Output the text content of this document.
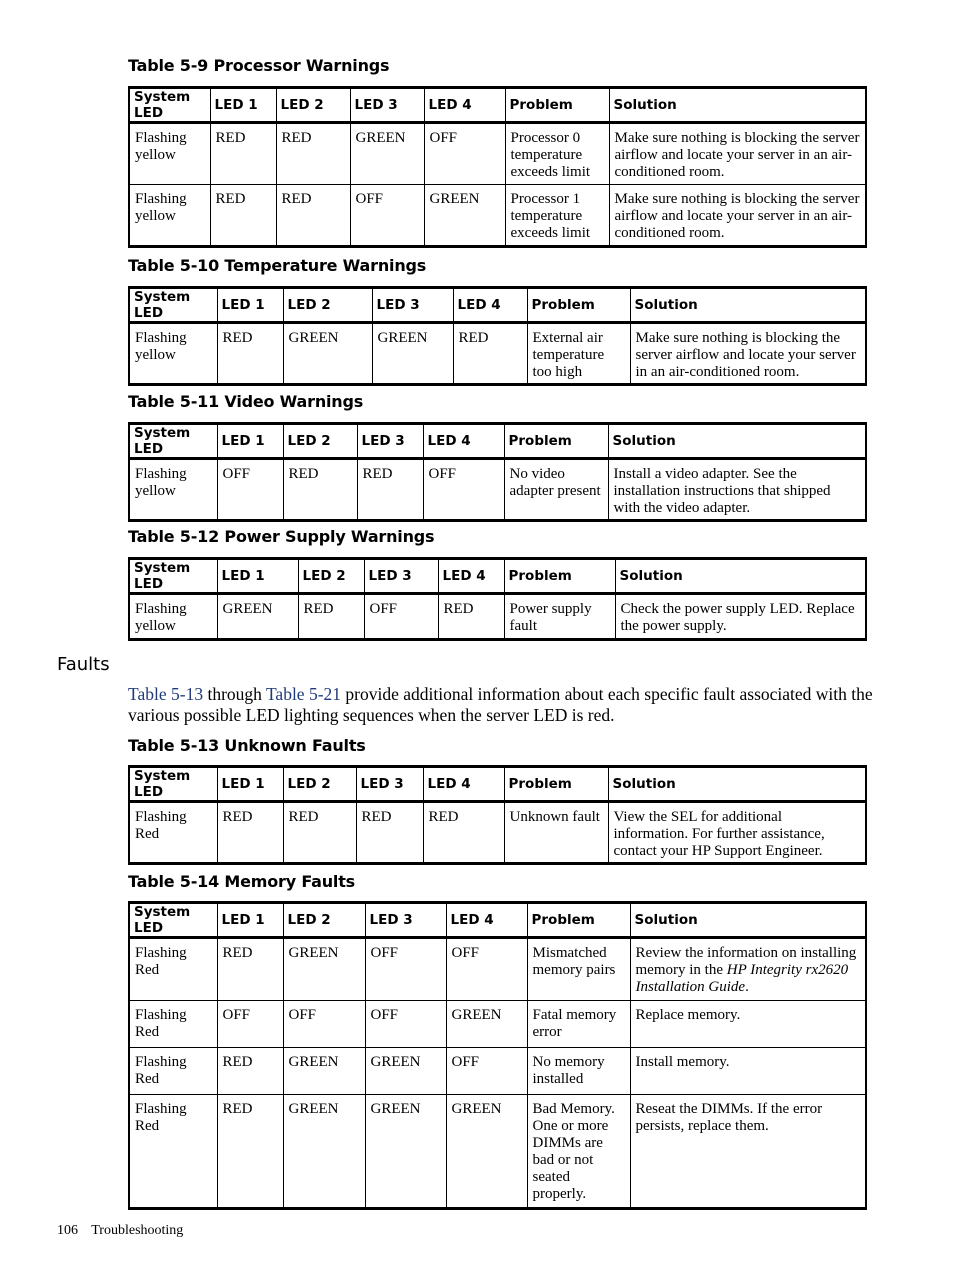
Table 5-9 Processor Warnings
System LED	LED 1	LED 2	LED 3	LED 4	Problem	Solution
Flashing yellow	RED	RED	GREEN	OFF	Processor 0 temperature exceeds limit	Make sure nothing is blocking the server airflow and locate your server in an air-conditioned room.
Flashing yellow	RED	RED	OFF	GREEN	Processor 1 temperature exceeds limit	Make sure nothing is blocking the server airflow and locate your server in an air-conditioned room.
Table 5-10 Temperature Warnings
System LED	LED 1	LED 2	LED 3	LED 4	Problem	Solution
Flashing yellow	RED	GREEN	GREEN	RED	External air temperature too high	Make sure nothing is blocking the server airflow and locate your server in an air-conditioned room.
Table 5-11 Video Warnings
System LED	LED 1	LED 2	LED 3	LED 4	Problem	Solution
Flashing yellow	OFF	RED	RED	OFF	No video adapter present	Install a video adapter. See the installation instructions that shipped with the video adapter.
Table 5-12 Power Supply Warnings
System LED	LED 1	LED 2	LED 3	LED 4	Problem	Solution
Flashing yellow	GREEN	RED	OFF	RED	Power supply fault	Check the power supply LED. Replace the power supply.
Faults

Table 5-13 through Table 5-21 provide additional information about each specific fault associated with the various possible LED lighting sequences when the server LED is red.

Table 5-13 Unknown Faults
System LED	LED 1	LED 2	LED 3	LED 4	Problem	Solution
Flashing Red	RED	RED	RED	RED	Unknown fault	View the SEL for additional information. For further assistance, contact your HP Support Engineer.
Table 5-14 Memory Faults
System LED	LED 1	LED 2	LED 3	LED 4	Problem	Solution
Flashing Red	RED	GREEN	OFF	OFF	Mismatched memory pairs	Review the information on installing memory in the HP Integrity rx2620 Installation Guide.
Flashing Red	OFF	OFF	OFF	GREEN	Fatal memory error	Replace memory.
Flashing Red	RED	GREEN	GREEN	OFF	No memory installed	Install memory.
Flashing Red	RED	GREEN	GREEN	GREEN	Bad Memory. One or more DIMMs are bad or not seated properly.	Reseat the DIMMs. If the error persists, replace them.
106 Troubleshooting
